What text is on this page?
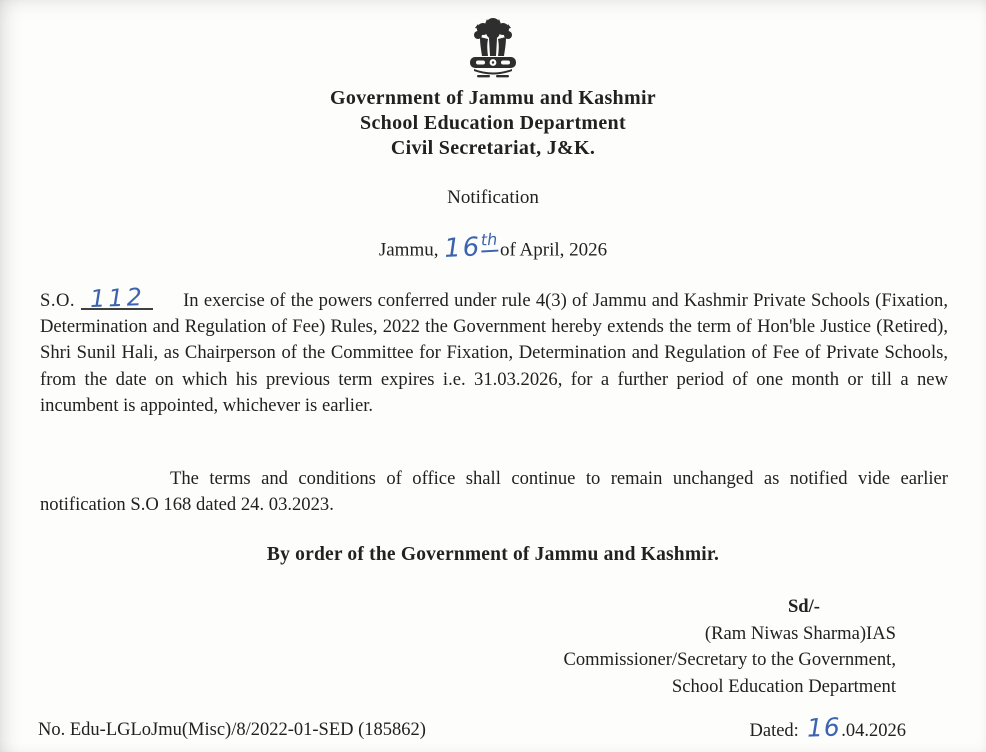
Government of Jammu and Kashmir
School Education Department
Civil Secretariat, J&K.
Notification
Jammu, 16thof April, 2026
S.O. 112 In exercise of the powers conferred under rule 4(3) of Jammu and Kashmir Private Schools (Fixation, Determination and Regulation of Fee) Rules, 2022 the Government hereby extends the term of Hon'ble Justice (Retired), Shri Sunil Hali, as Chairperson of the Committee for Fixation, Determination and Regulation of Fee of Private Schools, from the date on which his previous term expires i.e. 31.03.2026, for a further period of one month or till a new incumbent is appointed, whichever is earlier.
The terms and conditions of office shall continue to remain unchanged as notified vide earlier notification S.O 168 dated 24. 03.2023.
By order of the Government of Jammu and Kashmir.
Sd/-
(Ram Niwas Sharma)IAS
Commissioner/Secretary to the Government,
School Education Department
No. Edu-LGLoJmu(Misc)/8/2022-01-SED (185862)	Dated: 16.04.2026
